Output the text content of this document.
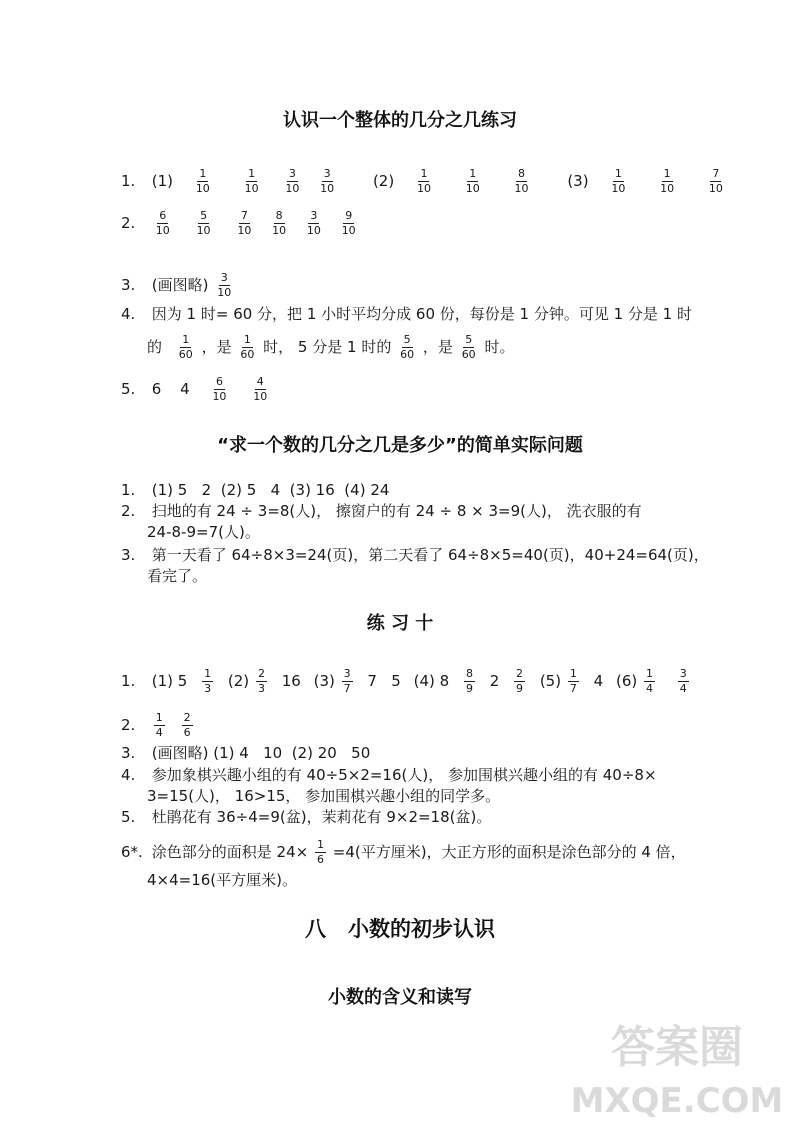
认识一个整体的几分之几练习
1. $(1) \frac{1}{10}$
	$\frac{1}{10}$
$\frac{3}{10}$
$\frac{3}{10} (2) \frac{1}{10}$
	$\frac{1}{10}$
	$\frac{8}{10} (3) \frac{1}{10}$
	$\frac{1}{10}$
	$\frac{7}{10}$
2. $\frac{6}{10}$
$\frac{5}{10}$
$\frac{7}{10}$
$\frac{8}{10}$
$\frac{3}{10}$
$\frac{9}{10}$
3. (画图略) $\frac{3}{10}$
4. 因为 1 时= 60 分，把 1 小时平均分成 60 份，每份是 1 分钟。可见 1 分是 1 时
的 $\frac{1}{60}$ ，是 $\frac{1}{60}$ 时， 5 分是 1 时的 $\frac{5}{60}$ ，是 $\frac{5}{60}$ 时。
5. 6 $4 \frac{6}{10}$
$\frac{4}{10}$
“求一个数的几分之几是多少”的简单实际问题
1. (1) 5   2  (2) 5   4  (3) 16  (4) 24
2. 扫地的有 24 ÷ 3=8(人)， 擦窗户的有 24 ÷ 8 × 3=9(人)， 洗衣服的有
24-8-9=7(人)。
3. 第一天看了 64÷8×3=24(页)，第二天看了 64÷8×5=40(页)，40+24=64(页)，
看完了。
练 习 十
1. (1) $5 \frac{1}{3} (2) \frac{2}{3} 16$ $(3) \frac{3}{7} 7$   5 (4) $8 \frac{8}{9} 2 \frac{2}{9} (5) \frac{1}{7} 4$ $(6) \frac{1}{4}$
$\frac{3}{4}$
2. $\frac{1}{4}$
$\frac{2}{6}$
3. (画图略) (1) 4   10  (2) 20   50
4. 参加象棋兴趣小组的有 40÷5×2=16(人)， 参加围棋兴趣小组的有 40÷8×
3=15(人)， 16>15， 参加围棋兴趣小组的同学多。
5. 杜鹃花有 36÷4=9(盆)，茉莉花有 9×2=18(盆)。
6*. 涂色部分的面积是 $24\times \frac{1}{6} =4$(平方厘米)，大正方形的面积是涂色部分的 4 倍，
4×4=16(平方厘米)。
八   小数的初步认识
小数的含义和读写
答案圈
MXQE.COM
